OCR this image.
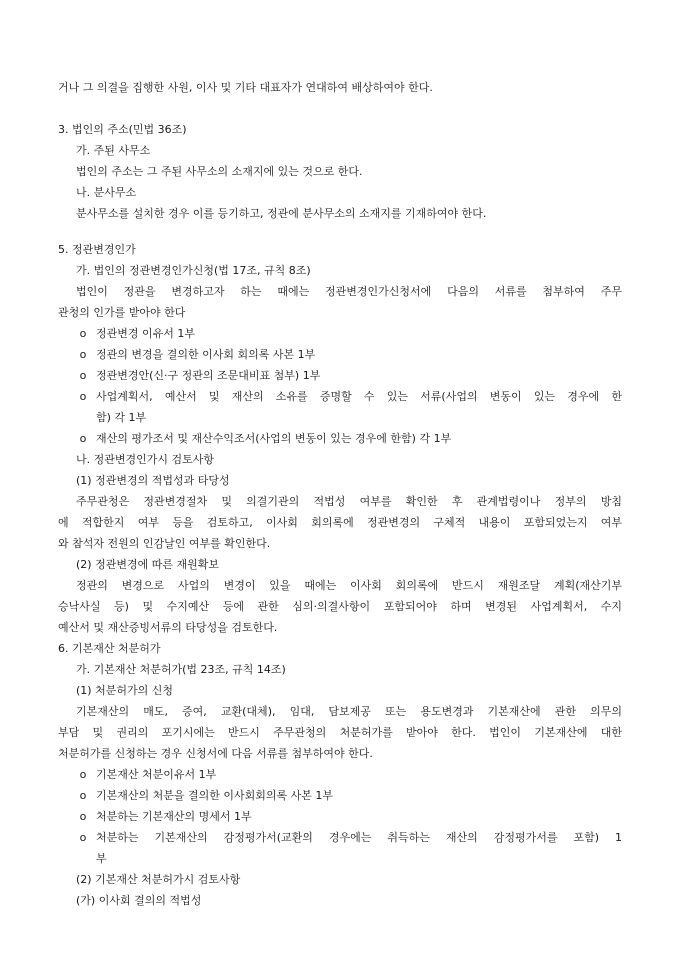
거나 그 의결을 집행한 사원, 이사 및 기타 대표자가 연대하여 배상하여야 한다.
3. 법인의 주소(민법 36조)
가. 주된 사무소
법인의 주소는 그 주된 사무소의 소재지에 있는 것으로 한다.
나. 분사무소
분사무소를 설치한 경우 이를 등기하고, 정관에 분사무소의 소재지를 기재하여야 한다.
5. 정관변경인가
가. 법인의 정관변경인가신청(법 17조, 규칙 8조)
법인이 정관을 변경하고자 하는 때에는 정관변경인가신청서에 다음의 서류를 첨부하여 주무
관청의 인가를 받아야 한다
o 정관변경 이유서 1부
o 정관의 변경을 결의한 이사회 회의록 사본 1부
o 정관변경안(신·구 정관의 조문대비표 첨부) 1부
o 사업계획서, 예산서 및 재산의 소유를 증명할 수 있는 서류(사업의 변동이 있는 경우에 한
함) 각 1부
o 재산의 평가조서 및 재산수익조서(사업의 변동이 있는 경우에 한함) 각 1부
나. 정관변경인가시 검토사항
(1) 정관변경의 적법성과 타당성
주무관청은 정관변경절차 및 의결기관의 적법성 여부를 확인한 후 관계법령이나 정부의 방침
에 적합한지 여부 등을 검토하고, 이사회 회의록에 정관변경의 구체적 내용이 포함되었는지 여부
와 참석자 전원의 인감날인 여부를 확인한다.
(2) 정관변경에 따른 재원확보
정관의 변경으로 사업의 변경이 있을 때에는 이사회 회의록에 반드시 재원조달 계획(재산기부
승낙사실 등) 및 수지예산 등에 관한 심의·의결사항이 포함되어야 하며 변경된 사업계획서, 수지
예산서 및 재산증빙서류의 타당성을 검토한다.
6. 기본재산 처분허가
가. 기본재산 처분허가(법 23조, 규칙 14조)
(1) 처분허가의 신청
기본재산의 매도, 증여, 교환(대체), 임대, 담보제공 또는 용도변경과 기본재산에 관한 의무의
부담 및 권리의 포기시에는 반드시 주무관청의 처분허가를 받아야 한다. 법인이 기본재산에 대한
처분허가를 신청하는 경우 신청서에 다음 서류를 첨부하여야 한다.
o 기본재산 처분이유서 1부
o 기본재산의 처분을 결의한 이사회회의록 사본 1부
o 처분하는 기본재산의 명세서 1부
o 처분하는 기본재산의 감정평가서(교환의 경우에는 취득하는 재산의 감정평가서를 포함) 1
부
(2) 기본재산 처분허가시 검토사항
(가) 이사회 결의의 적법성
